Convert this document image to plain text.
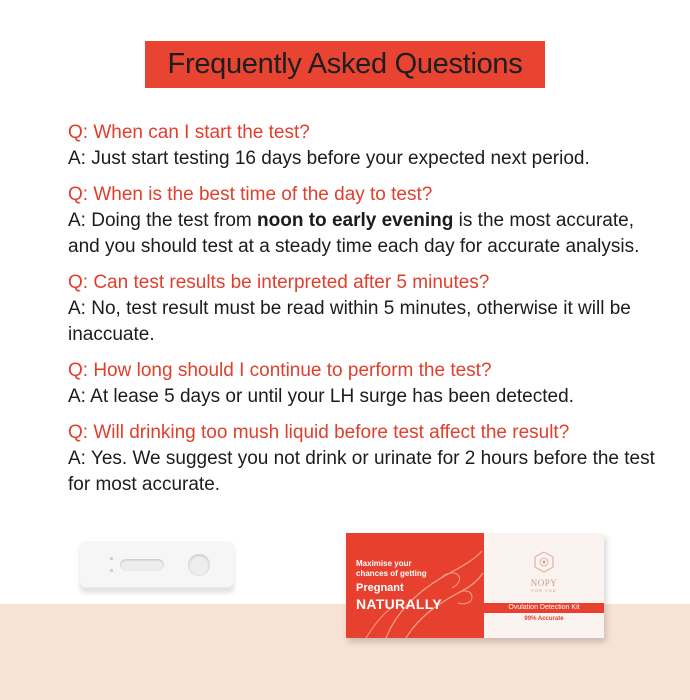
Frequently Asked Questions
Q: When can I start the test?
A: Just start testing 16 days before your expected next period.
Q: When is the best time of the day to test?
A: Doing the test from noon to early evening is the most accurate, and you should test at a steady time each day for accurate analysis.
Q: Can test results be interpreted after 5 minutes?
A: No, test result must be read within 5 minutes, otherwise it will be inaccuate.
Q: How long should I continue to perform the test?
A: At lease 5 days or until your LH surge has been detected.
Q: Will drinking too mush liquid before test affect the result?
A: Yes. We suggest you not drink or urinate for 2 hours before the test for most accurate.
Maximise your
chances of getting
Pregnant
NATURALLY
NOPY
FOR YOU
Ovulation Detection Kit
99% Accurate
